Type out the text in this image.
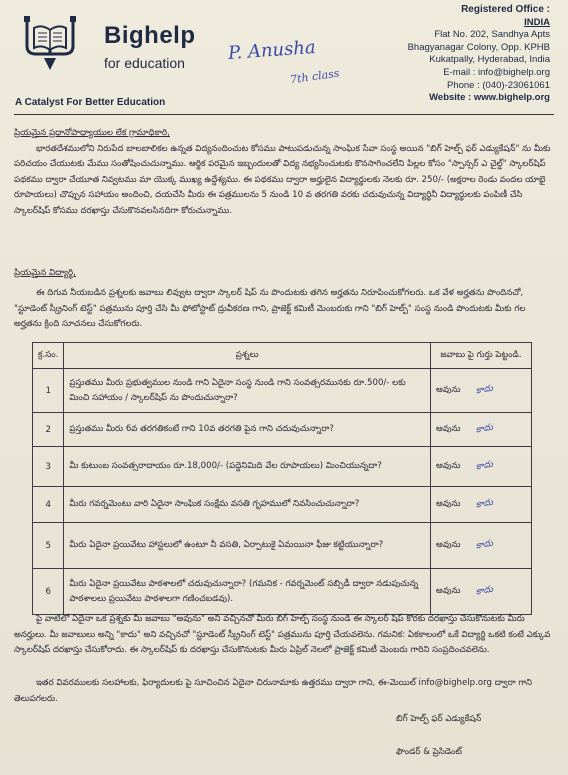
Bighelp
for education
A Catalyst For Better Education
P. Anusha
7th class
Registered Office :
INDIA
Flat No. 202, Sandhya Apts
Bhagyanagar Colony, Opp. KPHB
Kukatpally, Hyderabad, India
E-mail : info@bighelp.org
Phone : (040)-23061061
Website : www.bighelp.org
ప్రియమైన ప్రధానోపాధ్యాయుల లేక గ్రామాధికారి,
భారతదేశములోని నిరుపేద బాలబాలికల ఉన్నత విద్యనందించుట కోసము పాటుపడుచున్న సాంఘిక సేవా సంస్థ అయిన "బిగ్ హెల్ప్ ఫర్ ఎడ్యుకేషన్" ను మీకు పరిచయం చేయుటకు మేము సంతోషించుచున్నాము. ఆర్థిక పరమైన ఇబ్బందులతో విద్య నభ్యసించుటకు కొనసాగించలేని పిల్లల కోసం "స్పాన్సర్ ఎ చైల్డ్" స్కాలర్‌షిప్ పథకము ద్వారా చేయూత నివ్వటము మా యొక్క ముఖ్య ఉద్దేశ్యము. ఈ పథకము ద్వారా అర్హులైన విద్యార్థులకు నెలకు రూ. 250/- (అక్షరాల రెండు వందల యాభై రూపాయలు) చొప్పున సహాయం అందించి, దయచేసి మీరు ఈ పత్రములను 5 నుండి 10 వ తరగతి వరకు చదువుచున్న విద్యార్థినీ విద్యార్థులకు పంపిణీ చేసి స్కాలర్‌షిప్ కోసము దరఖాస్తు చేసుకొనవలసినదిగా కోరుచున్నాము.
ప్రియమైన విద్యార్థి,
ఈ దిగువ నీయబడిన ప్రశ్నలకు జవాబు లివ్వుట ద్వారా స్కాలర్ షిప్ ను పొందుటకు తగిన అర్హతను నిరూపించుకోగలరు. ఒక వేళ అర్హతను పొందినచో, "స్టూడెంట్ స్క్రీనింగ్ టెస్ట్" పత్రమును పూర్తి చేసి మీ ఫోటోస్టాట్ ద్రువీకరణ గాని, ప్రాజెక్ట్ కమిటీ మెంబరుకు గాని "బిగ్ హెల్ప్" సంస్థ నుండి పొందుటకు మీకు గల అర్హతను క్రింది సూచనలు చేసుకోగలరు.
క్ర.సం.	ప్రశ్నలు	జవాబు పై గుర్తు పెట్టండి.
1	ప్రస్తుతము మీరు ప్రభుత్వముల నుండి గాని ఏదైనా సంస్థ నుండి గాని సంవత్సరమునకు రూ.500/- లకు మించి సహాయం / స్కాలర్‌షిప్ ను పొందుచున్నారా?	అవును కాదు
2	ప్రస్తుతము మీరు 6వ తరగతికంటే గాని 10వ తరగతి పైన గాని చదువుచున్నారా?	అవును కాదు
3	మీ కుటుంబ సంవత్సరాదాయం రూ.18,000/- (పద్దెనిమిది వేల రూపాయలు) మించియున్నదా?	అవును కాదు
4	మీరు గవర్నమెంటు వారి ఏదైనా సాంఘిక సంక్షేమ వసతి గృహములో నివసించుచున్నారా?	అవును కాదు
5	మీరు ఏదైనా ప్రయివేటు హాస్టలులో ఉంటూ నీ వసతి, ఏర్పాటుకై ఏమయినా ఫీజు కట్టియున్నారా?	అవును కాదు
6	మీరు ఏదైనా ప్రయివేటు పాఠశాలలో చదువుచున్నారా? (గమనిక - గవర్నమెంట్ సబ్సిడీ ద్వారా నడుపుచున్న పాఠశాలలు ప్రయివేటు పాఠశాలగా గణించబడవు).	అవును కాదు
పై వాటిలో ఏదైనా ఒక ప్రశ్నకు మీ జవాబు "అవును" అని వచ్చినచో మీరు బిగ్ హెల్ప్ సంస్థ నుండి ఈ స్కాలర్ షిప్ కొరకు దరఖాస్తు చేసుకొనుటకు మీరు అనర్హులు. మీ జవాబులు అన్ని "కాదు" అని వచ్చినచో "స్టూడెంట్ స్క్రీనింగ్ టెస్ట్" పత్రమును పూర్తి చేయవలెను. గమనిక: ఏకకాలంలో ఒకే విద్యార్థి ఒకటి కంటే ఎక్కువ స్కాలర్‌షిప్ దరఖాస్తు చేసుకోరాదు. ఈ స్కాలర్‌షిప్ కు దరఖాస్తు చేసుకొనుటకు మీరు ఏప్రిల్ నెలలో ప్రాజెక్ట్ కమిటీ మెంబరు గారిని సంప్రదించవలెను.
ఇతర వివరములకు సలహాలకు, ఫిర్యాదులకు పై సూచించిన ఏదైనా చిరునామాకు ఉత్తరము ద్వారా గాని, ఈ-మెయిల్ info@bighelp.org ద్వారా గాని తెలుపగలరు.
బిగ్ హెల్ప్ ఫర్ ఎడ్యుకేషన్
ఫౌండర్ & ప్రెసిడెంట్
